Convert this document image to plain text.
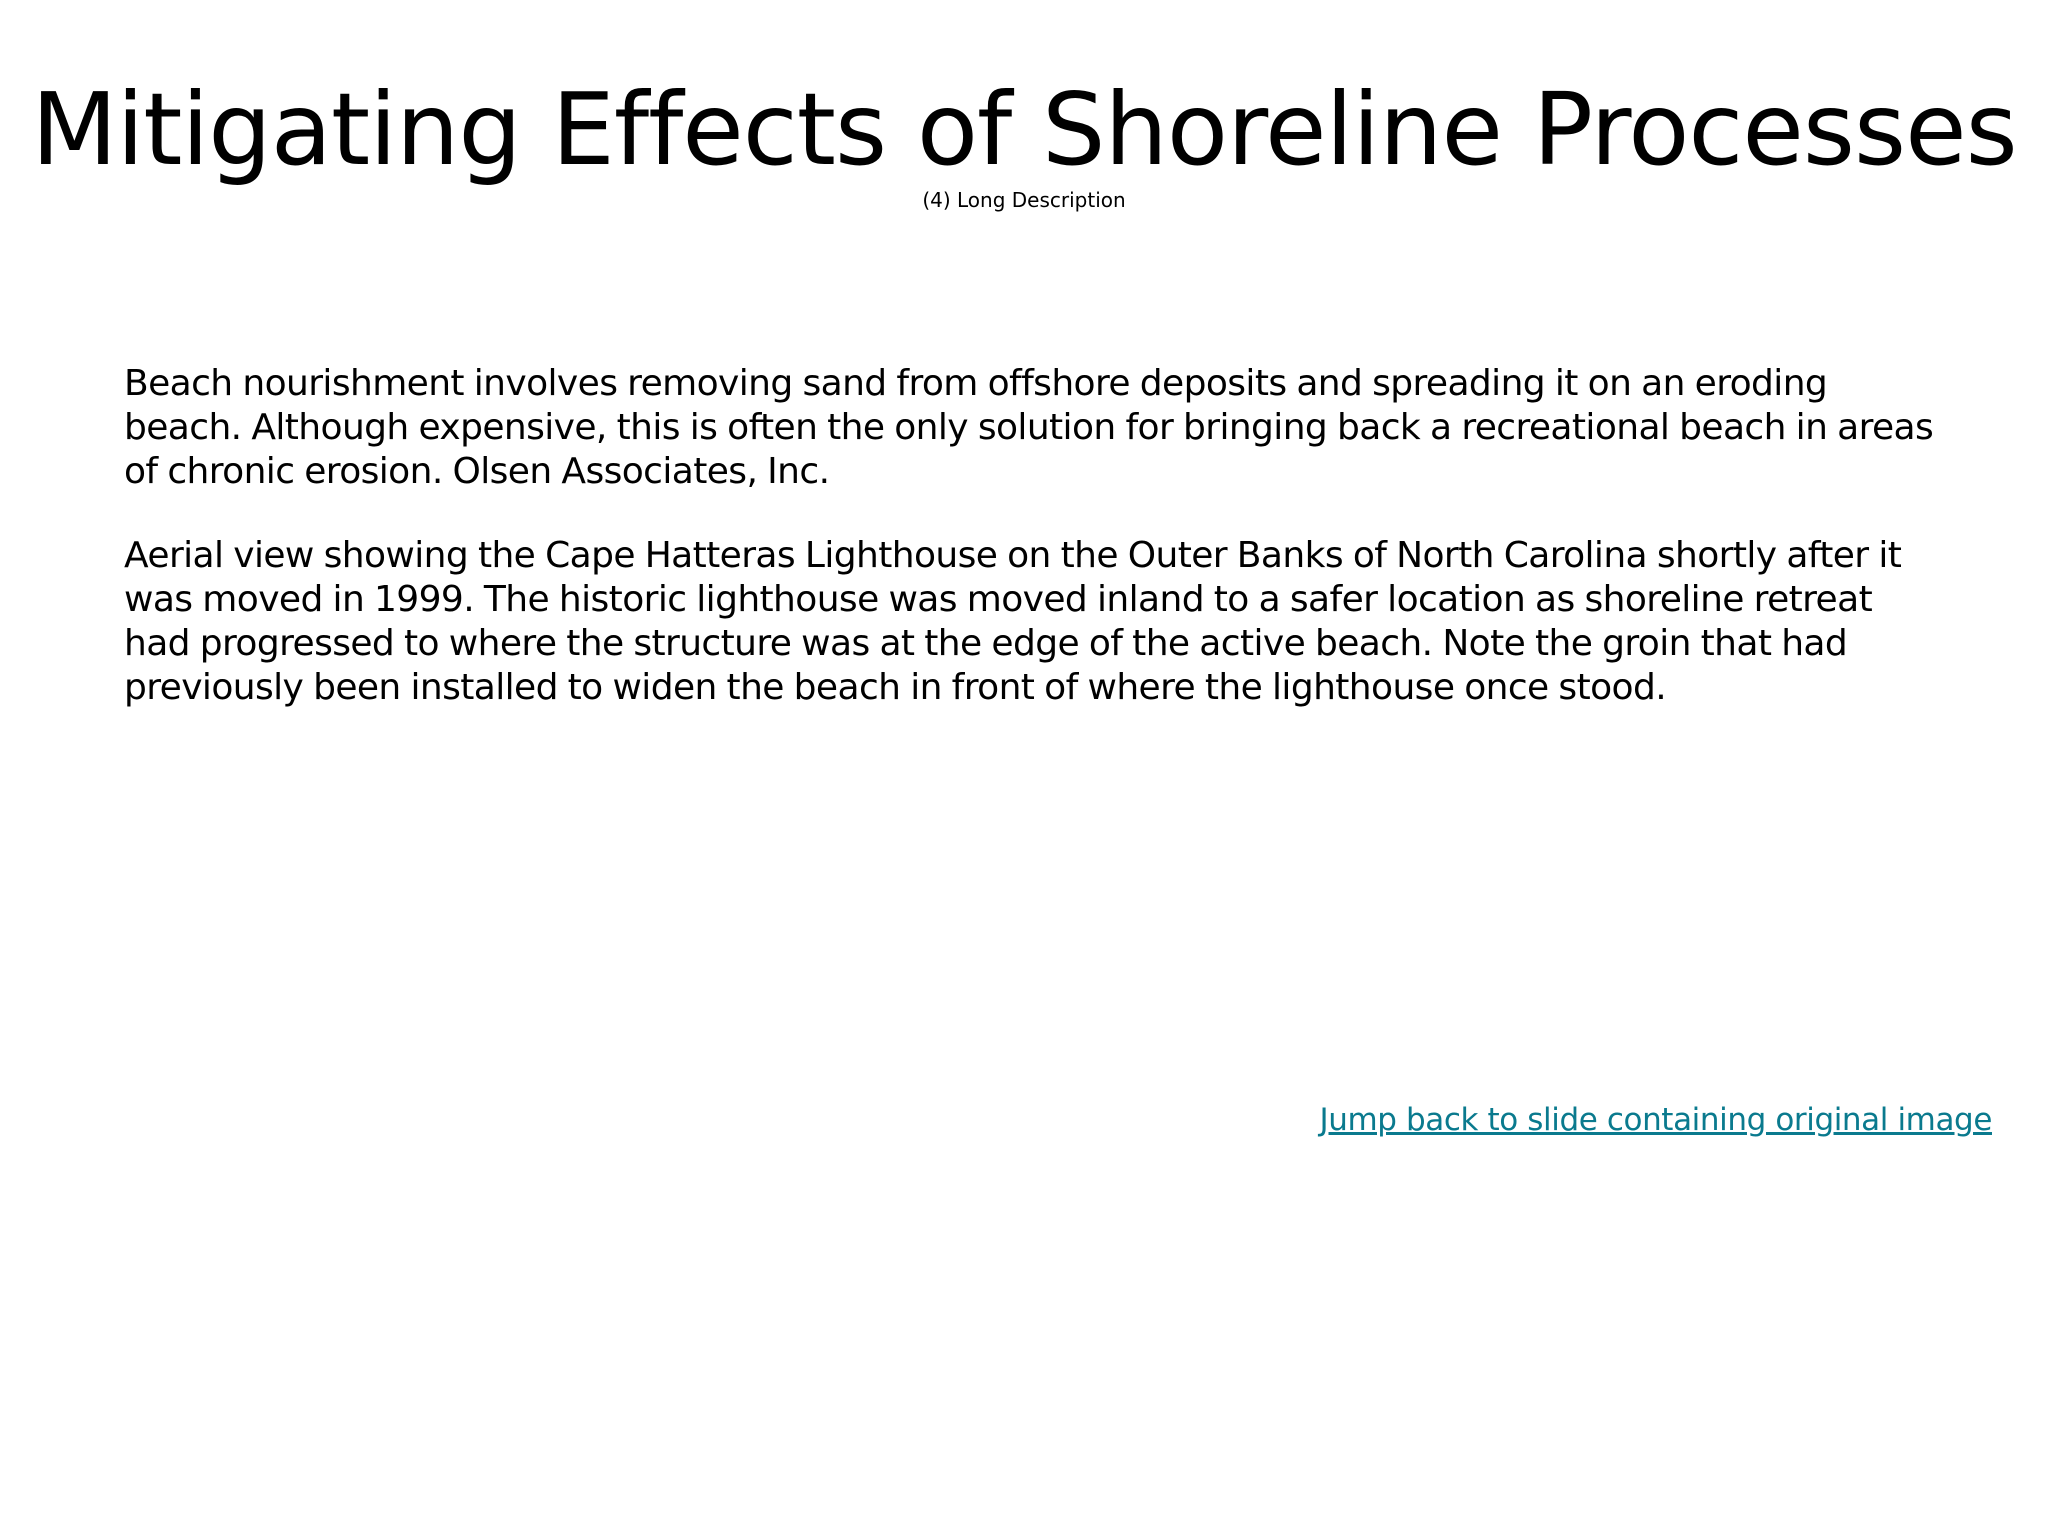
Mitigating Effects of Shoreline Processes
(4) Long Description

Beach nourishment involves removing sand from offshore deposits and spreading it on an eroding beach. Although expensive, this is often the only solution for bringing back a recreational beach in areas of chronic erosion. Olsen Associates, Inc.

Aerial view showing the Cape Hatteras Lighthouse on the Outer Banks of North Carolina shortly after it was moved in 1999. The historic lighthouse was moved inland to a safer location as shoreline retreat had progressed to where the structure was at the edge of the active beach. Note the groin that had previously been installed to widen the beach in front of where the lighthouse once stood.

Jump back to slide containing original image
